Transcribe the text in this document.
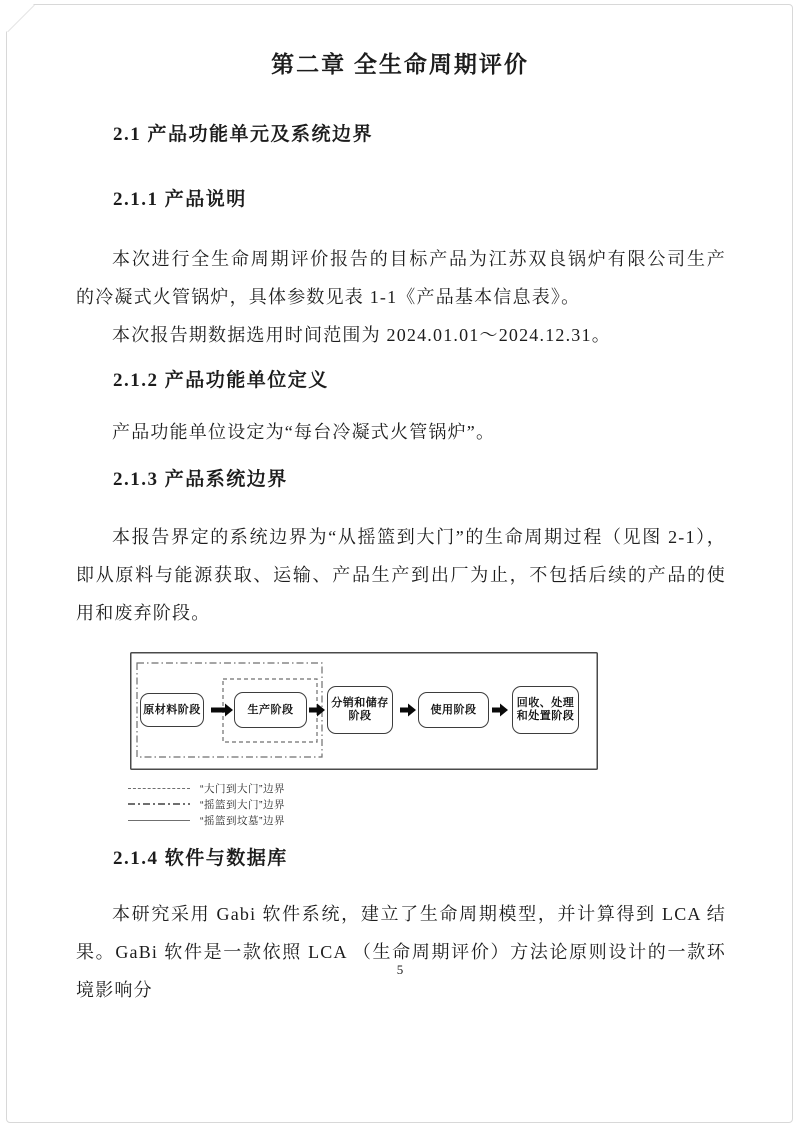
第二章 全生命周期评价
2.1 产品功能单元及系统边界
2.1.1 产品说明
本次进行全生命周期评价报告的目标产品为江苏双良锅炉有限公司生产的冷凝式火管锅炉，具体参数见表 1-1《产品基本信息表》。
本次报告期数据选用时间范围为 2024.01.01～2024.12.31。
2.1.2 产品功能单位定义
产品功能单位设定为“每台冷凝式火管锅炉”。
2.1.3 产品系统边界
本报告界定的系统边界为“从摇篮到大门”的生命周期过程（见图 2-1），即从原料与能源获取、运输、产品生产到出厂为止，不包括后续的产品的使用和废弃阶段。
原材料阶段	生产阶段
分销和储存
阶段
使用阶段
回收、处理
和处置阶段
“大门到大门”边界
“摇篮到大门”边界
“摇篮到坟墓”边界
2.1.4 软件与数据库
本研究采用 Gabi 软件系统，建立了生命周期模型，并计算得到 LCA 结果。GaBi 软件是一款依照 LCA （生命周期评价）方法论原则设计的一款环境影响分
5
